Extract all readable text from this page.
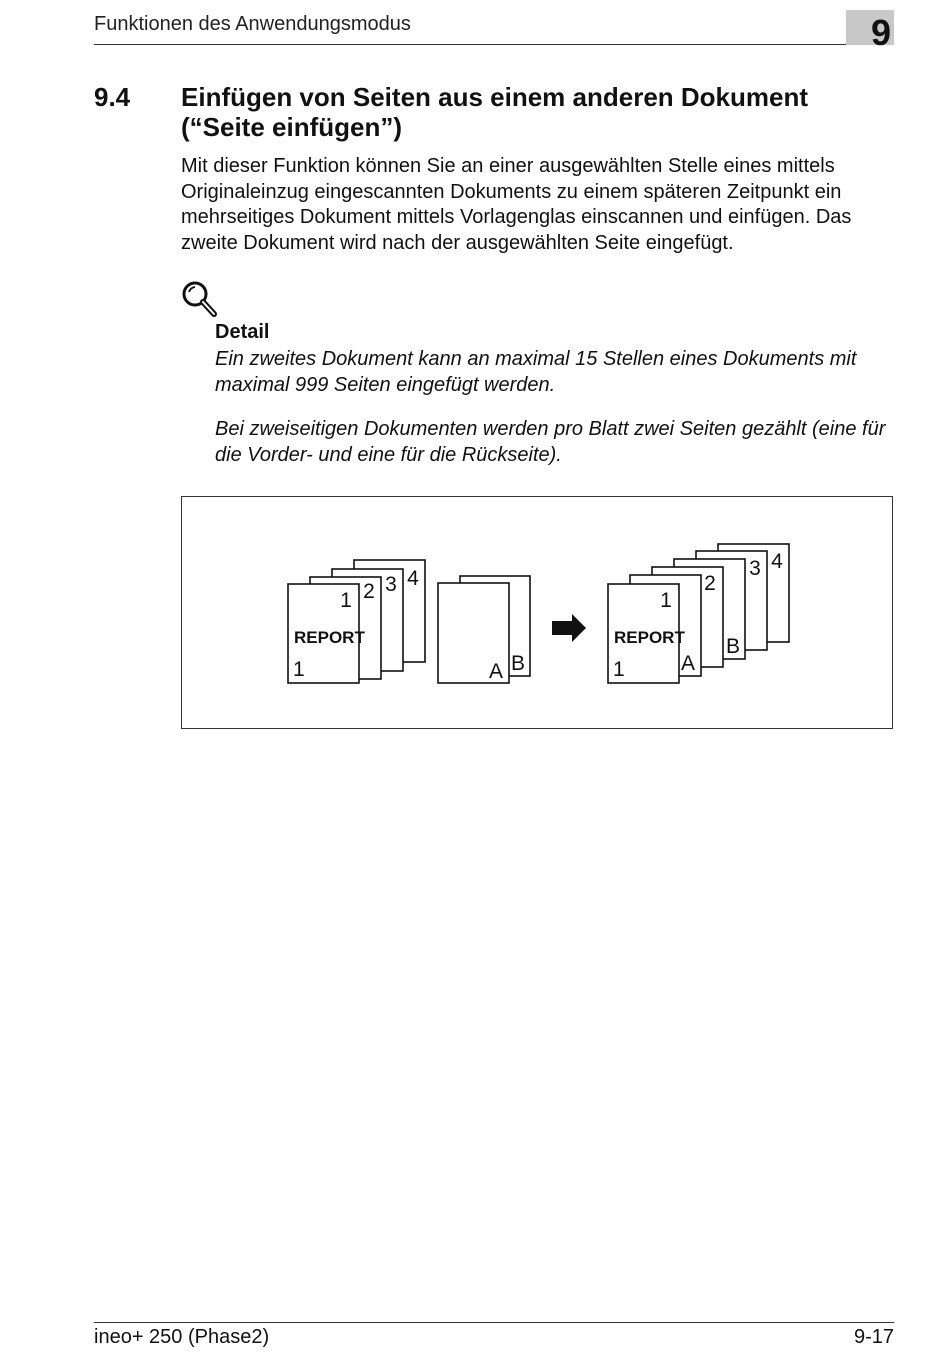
Funktionen des Anwendungsmodus	9
9.4 Einfügen von Seiten aus einem anderen Dokument (“Seite einfügen”)
Mit dieser Funktion können Sie an einer ausgewählten Stelle eines mittels Originaleinzug eingescannten Dokuments zu einem späteren Zeitpunkt ein mehrseitiges Dokument mittels Vorlagenglas einscannen und einfügen. Das zweite Dokument wird nach der ausgewählten Seite eingefügt.
Detail
Ein zweites Dokument kann an maximal 15 Stellen eines Dokuments mit maximal 999 Seiten eingefügt werden.
Bei zweiseitigen Dokumenten werden pro Blatt zwei Seiten gezählt (eine für die Vorder- und eine für die Rückseite).
4
3
2
1
REPORT
1	B
A
4
3
B
2
A
1
REPORT
1
ineo+ 250 (Phase2)	9-17
